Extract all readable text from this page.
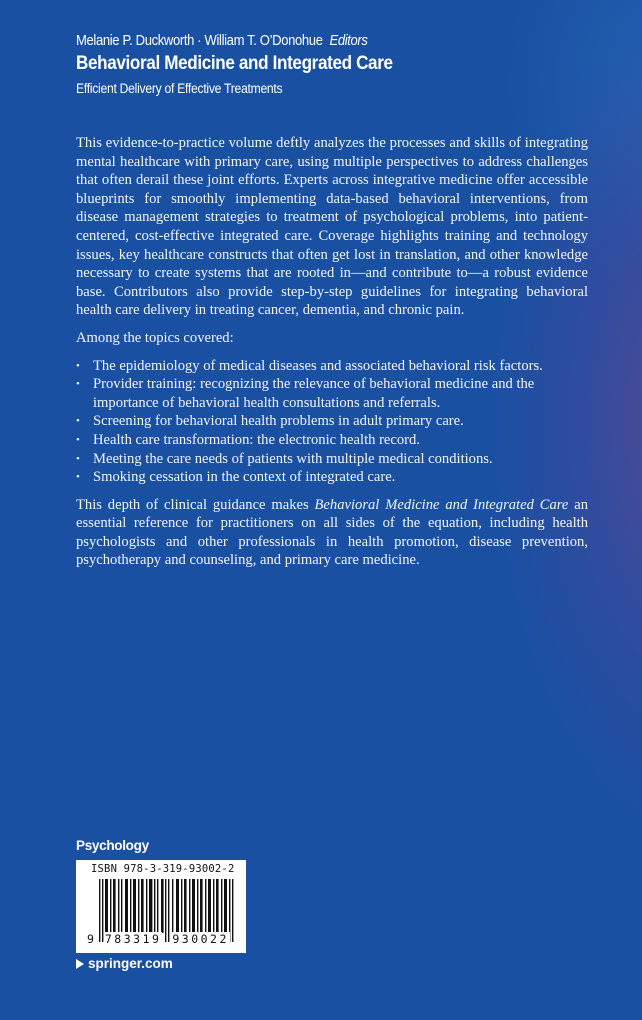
Melanie P. Duckworth · William T. O’Donohue Editors
Behavioral Medicine and Integrated Care
Efficient Delivery of Effective Treatments

This evidence-to-practice volume deftly analyzes the processes and skills of integrating mental healthcare with primary care, using multiple perspectives to address challenges that often derail these joint efforts. Experts across integrative medicine offer accessible blueprints for smoothly implementing data-based behavioral interventions, from disease management strategies to treatment of psychological problems, into patient-centered, cost-effective integrated care. Coverage highlights training and technology issues, key healthcare constructs that often get lost in translation, and other knowledge necessary to create systems that are rooted in—and contribute to—a robust evidence base. Contributors also provide step-by-step guidelines for integrating behavioral health care delivery in treating cancer, dementia, and chronic pain.

Among the topics covered:

• The epidemiology of medical diseases and associated behavioral risk factors.
• Provider training: recognizing the relevance of behavioral medicine and the importance of behavioral health consultations and referrals.
• Screening for behavioral health problems in adult primary care.
• Health care transformation: the electronic health record.
• Meeting the care needs of patients with multiple medical conditions.
• Smoking cessation in the context of integrated care.

This depth of clinical guidance makes Behavioral Medicine and Integrated Care an essential reference for practitioners on all sides of the equation, including health psychologists and other professionals in health promotion, disease prevention, psychotherapy and counseling, and primary care medicine.

Psychology
ISBN 978-3-319-93002-2
9 783319 930022
springer.com
